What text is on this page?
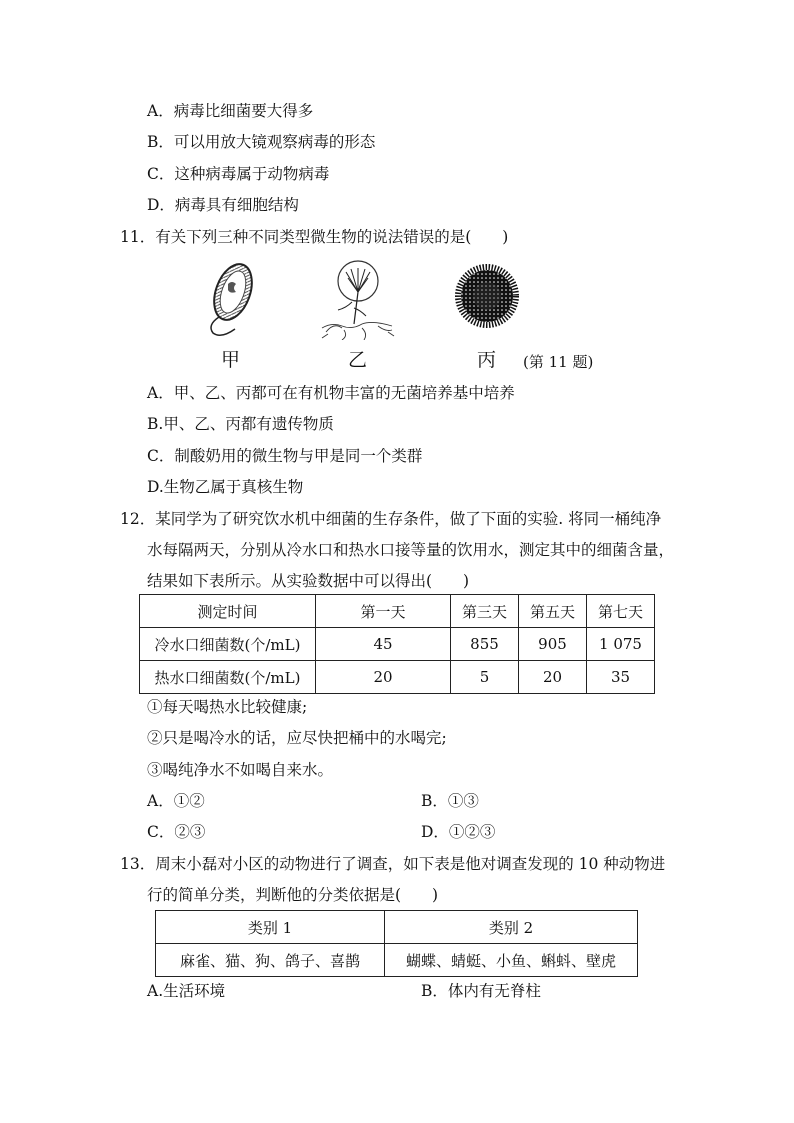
A．病毒比细菌要大得多
B．可以用放大镜观察病毒的形态
C．这种病毒属于动物病毒
D．病毒具有细胞结构
11．有关下列三种不同类型微生物的说法错误的是(　　)
甲	乙	丙 (第 11 题)
A．甲、乙、丙都可在有机物丰富的无菌培养基中培养
B.甲、乙、丙都有遗传物质
C．制酸奶用的微生物与甲是同一个类群
D.生物乙属于真核生物
12．某同学为了研究饮水机中细菌的生存条件，做了下面的实验. 将同一桶纯净
水每隔两天，分别从冷水口和热水口接等量的饮用水，测定其中的细菌含量，
结果如下表所示。从实验数据中可以得出(　　)
测定时间	第一天	第三天	第五天	第七天
冷水口细菌数(个/mL)	45	855	905	1 075
热水口细菌数(个/mL)	20	5	20	35
①每天喝热水比较健康;
②只是喝冷水的话，应尽快把桶中的水喝完;
③喝纯净水不如喝自来水。
A．①②	B．①③
C．②③	D．①②③
13．周末小磊对小区的动物进行了调查，如下表是他对调查发现的 10 种动物进
行的简单分类，判断他的分类依据是(　　)
类别 1	类别 2
麻雀、猫、狗、鸽子、喜鹊	蝴蝶、蜻蜓、小鱼、蝌蚪、壁虎
A.生活环境	B．体内有无脊柱
